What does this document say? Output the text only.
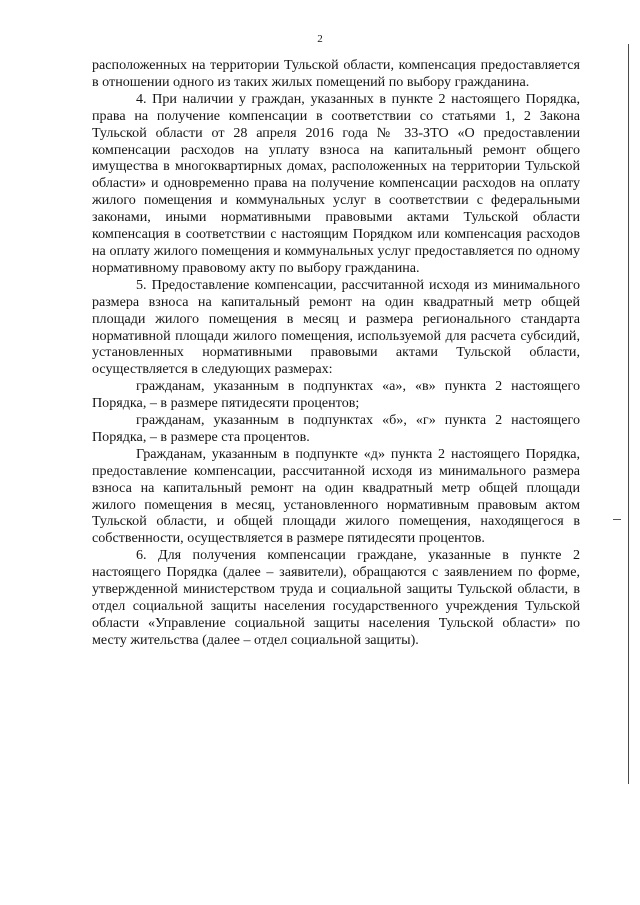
2

расположенных на территории Тульской области, компенсация предоставляется в отношении одного из таких жилых помещений по выбору гражданина.

4. При наличии у граждан, указанных в пункте 2 настоящего Порядка, права на получение компенсации в соответствии со статьями 1, 2 Закона Тульской области от 28 апреля 2016 года № 33-ЗТО «О предоставлении компенсации расходов на уплату взноса на капитальный ремонт общего имущества в многоквартирных домах, расположенных на территории Тульской области» и одновременно права на получение компенсации расходов на оплату жилого помещения и коммунальных услуг в соответствии с федеральными законами, иными нормативными правовыми актами Тульской области компенсация в соответствии с настоящим Порядком или компенсация расходов на оплату жилого помещения и коммунальных услуг предоставляется по одному нормативному правовому акту по выбору гражданина.

5. Предоставление компенсации, рассчитанной исходя из минимального размера взноса на капитальный ремонт на один квадратный метр общей площади жилого помещения в месяц и размера регионального стандарта нормативной площади жилого помещения, используемой для расчета субсидий, установленных нормативными правовыми актами Тульской области, осуществляется в следующих размерах:

гражданам, указанным в подпунктах «а», «в» пункта 2 настоящего Порядка, – в размере пятидесяти процентов;

гражданам, указанным в подпунктах «б», «г» пункта 2 настоящего Порядка, – в размере ста процентов.

Гражданам, указанным в подпункте «д» пункта 2 настоящего Порядка, предоставление компенсации, рассчитанной исходя из минимального размера взноса на капитальный ремонт на один квадратный метр общей площади жилого помещения в месяц, установленного нормативным правовым актом Тульской области, и общей площади жилого помещения, находящегося в собственности, осуществляется в размере пятидесяти процентов.

6. Для получения компенсации граждане, указанные в пункте 2 настоящего Порядка (далее – заявители), обращаются с заявлением по форме, утвержденной министерством труда и социальной защиты Тульской области, в отдел социальной защиты населения государственного учреждения Тульской области «Управление социальной защиты населения Тульской области» по месту жительства (далее – отдел социальной защиты).
